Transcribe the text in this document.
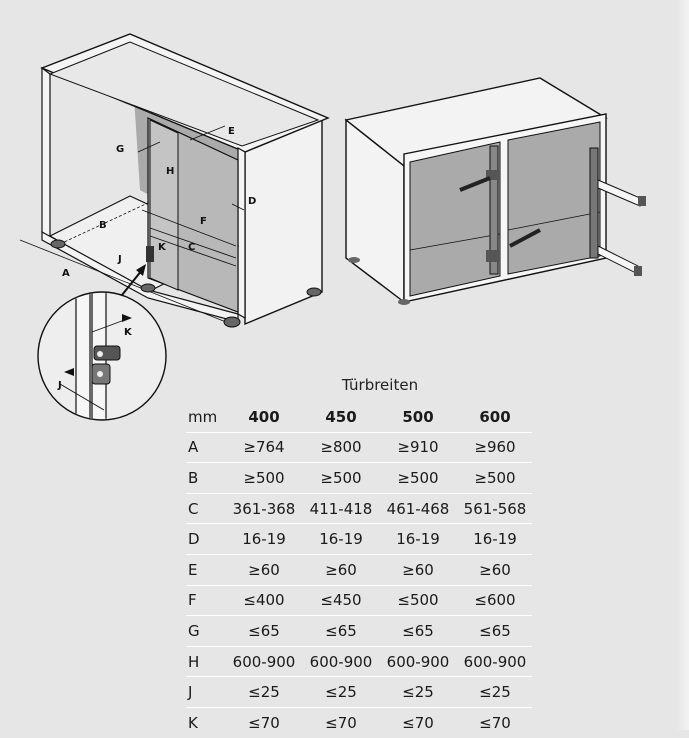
G
H
E
D
B	F
C
K
J
A
K
J	Türbreiten
mm	400	450	500	600
A	≥764	≥800	≥910	≥960
B	≥500	≥500	≥500	≥500
C	361-368	411-418	461-468	561-568
D	16-19	16-19	16-19	16-19
E	≥60	≥60	≥60	≥60
F	≤400	≤450	≤500	≤600
G	≤65	≤65	≤65	≤65
H	600-900	600-900	600-900	600-900
J	≤25	≤25	≤25	≤25
K	≤70	≤70	≤70	≤70
